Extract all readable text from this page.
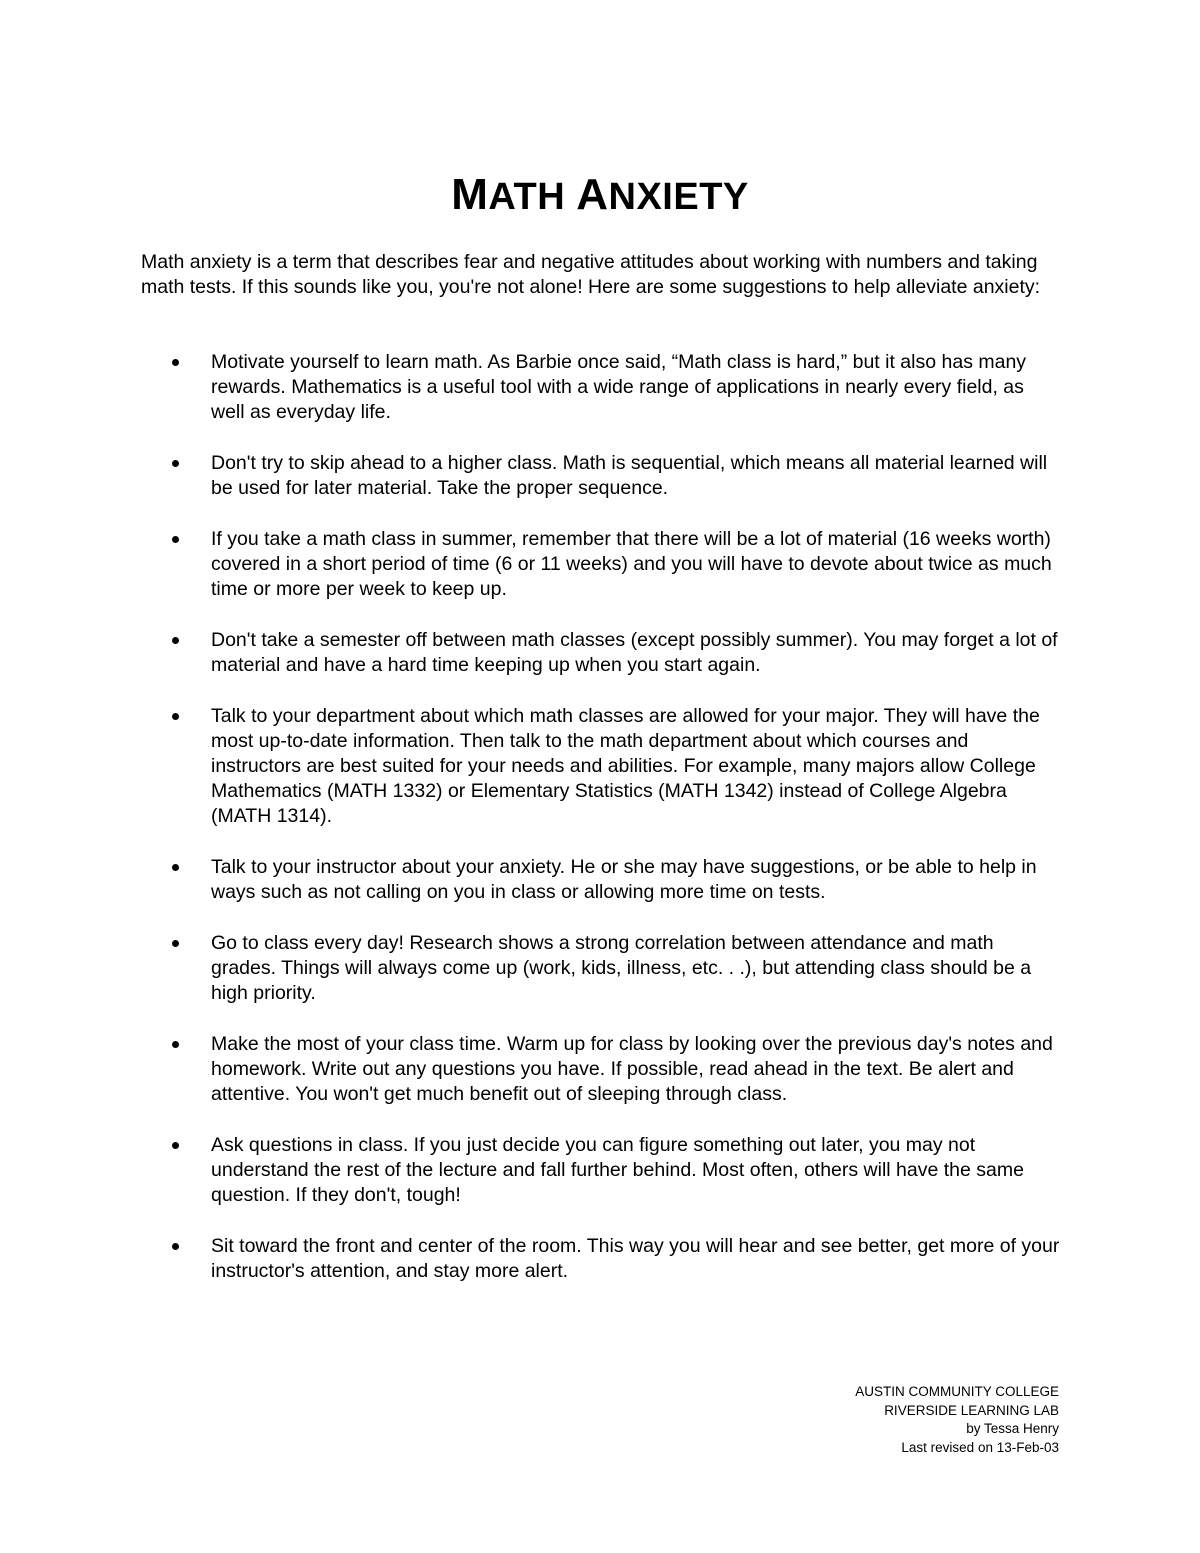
MATH ANXIETY

Math anxiety is a term that describes fear and negative attitudes about working with numbers and taking math tests. If this sounds like you, you're not alone! Here are some suggestions to help alleviate anxiety:

Motivate yourself to learn math. As Barbie once said, “Math class is hard,” but it also has many rewards. Mathematics is a useful tool with a wide range of applications in nearly every field, as well as everyday life.
Don't try to skip ahead to a higher class. Math is sequential, which means all material learned will be used for later material. Take the proper sequence.
If you take a math class in summer, remember that there will be a lot of material (16 weeks worth) covered in a short period of time (6 or 11 weeks) and you will have to devote about twice as much time or more per week to keep up.
Don't take a semester off between math classes (except possibly summer). You may forget a lot of material and have a hard time keeping up when you start again.
Talk to your department about which math classes are allowed for your major. They will have the most up-to-date information. Then talk to the math department about which courses and instructors are best suited for your needs and abilities. For example, many majors allow College Mathematics (MATH 1332) or Elementary Statistics (MATH 1342) instead of College Algebra (MATH 1314).
Talk to your instructor about your anxiety. He or she may have suggestions, or be able to help in ways such as not calling on you in class or allowing more time on tests.
Go to class every day! Research shows a strong correlation between attendance and math grades. Things will always come up (work, kids, illness, etc. . .), but attending class should be a high priority.
Make the most of your class time. Warm up for class by looking over the previous day's notes and homework. Write out any questions you have. If possible, read ahead in the text. Be alert and attentive. You won't get much benefit out of sleeping through class.
Ask questions in class. If you just decide you can figure something out later, you may not understand the rest of the lecture and fall further behind. Most often, others will have the same question. If they don't, tough!
Sit toward the front and center of the room. This way you will hear and see better, get more of your instructor's attention, and stay more alert.
AUSTIN COMMUNITY COLLEGE
RIVERSIDE LEARNING LAB
by Tessa Henry
Last revised on 13-Feb-03
